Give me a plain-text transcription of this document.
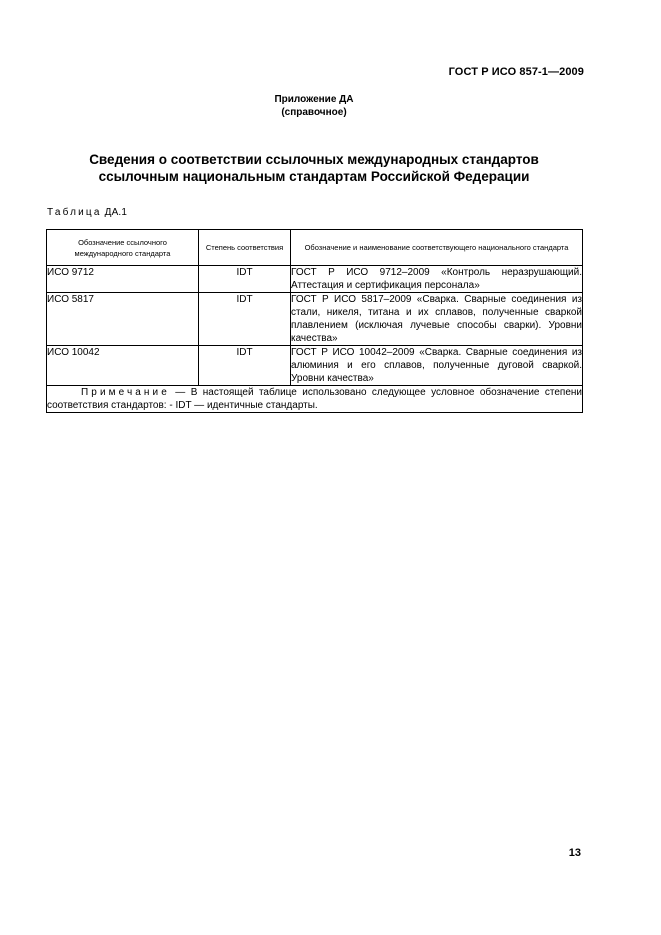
ГОСТ Р ИСО 857-1—2009
Приложение ДА
(справочное)
Сведения о соответствии ссылочных международных стандартов
ссылочным национальным стандартам Российской Федерации
Таблица ДА.1
Обозначение ссылочного международного стандарта	Степень соответствия	Обозначение и наименование соответствующего национального стандарта

ИСО 9712	IDT	ГОСТ Р ИСО 9712–2009 «Контроль неразрушающий. Аттестация и сертификация персонала»
ИСО 5817	IDT	ГОСТ Р ИСО 5817–2009 «Сварка. Сварные соединения из стали, никеля, титана и их сплавов, полученные сваркой плавлением (исключая лучевые способы сварки). Уровни качества»
ИСО 10042	IDT	ГОСТ Р ИСО 10042–2009 «Сварка. Сварные соединения из алюминия и его сплавов, полученные дуговой сваркой. Уровни качества»
Примечание — В настоящей таблице использовано следующее условное обозначение степени соответствия стандартов: - IDT — идентичные стандарты.		
13
